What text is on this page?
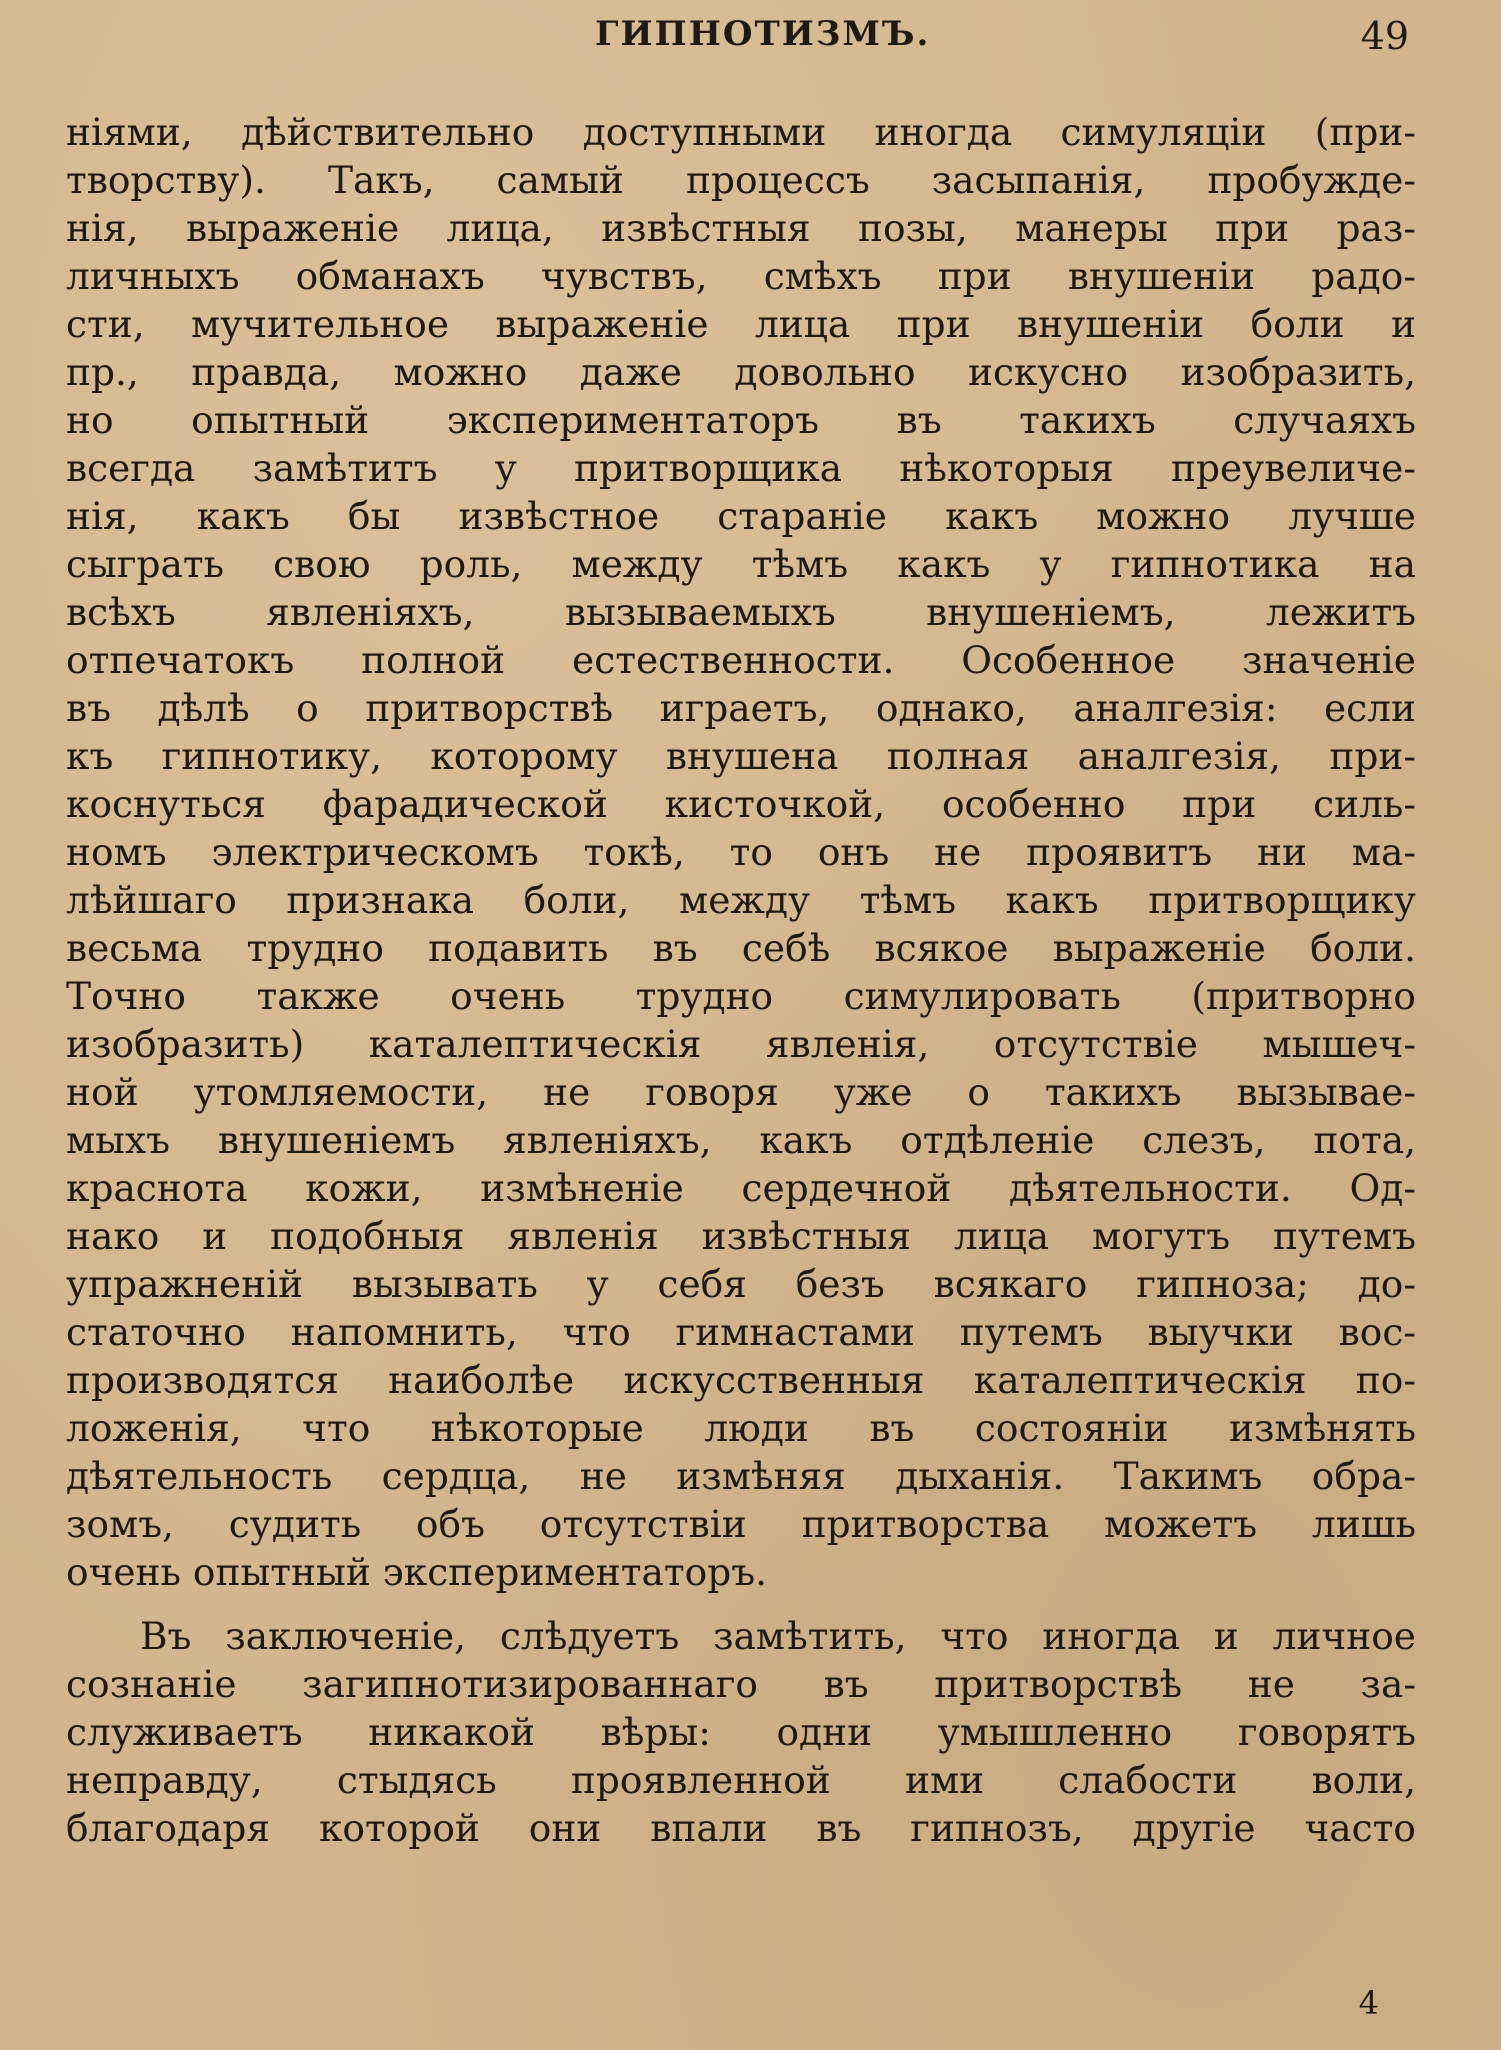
ГИПНОТИЗМЪ.	49
ніями, дѣйствительно доступными иногда симуляціи (при-
творству). Такъ, самый процессъ засыпанія, пробужде-
нія, выраженіе лица, извѣстныя позы, манеры при раз-
личныхъ обманахъ чувствъ, смѣхъ при внушеніи радо-
сти, мучительное выраженіе лица при внушеніи боли и
пр., правда, можно даже довольно искусно изобразить,
но опытный экспериментаторъ въ такихъ случаяхъ
всегда замѣтитъ у притворщика нѣкоторыя преувеличе-
нія, какъ бы извѣстное стараніе какъ можно лучше
сыграть свою роль, между тѣмъ какъ у гипнотика на
всѣхъ явленіяхъ, вызываемыхъ внушеніемъ, лежитъ
отпечатокъ полной естественности. Особенное значеніе
въ дѣлѣ о притворствѣ играетъ, однако, аналгезія: если
къ гипнотику, которому внушена полная аналгезія, при-
коснуться фарадической кисточкой, особенно при силь-
номъ электрическомъ токѣ, то онъ не проявитъ ни ма-
лѣйшаго признака боли, между тѣмъ какъ притворщику
весьма трудно подавить въ себѣ всякое выраженіе боли.
Точно также очень трудно симулировать (притворно
изобразить) каталептическія явленія, отсутствіе мышеч-
ной утомляемости, не говоря уже о такихъ вызывае-
мыхъ внушеніемъ явленіяхъ, какъ отдѣленіе слезъ, пота,
краснота кожи, измѣненіе сердечной дѣятельности. Од-
нако и подобныя явленія извѣстныя лица могутъ путемъ
упражненій вызывать у себя безъ всякаго гипноза; до-
статочно напомнить, что гимнастами путемъ выучки вос-
производятся наиболѣе искусственныя каталептическія по-
ложенія, что нѣкоторые люди въ состояніи измѣнять
дѣятельность сердца, не измѣняя дыханія. Такимъ обра-
зомъ, судить объ отсутствіи притворства можетъ лишь
очень опытный экспериментаторъ.
Въ заключеніе, слѣдуетъ замѣтить, что иногда и личное
сознаніе загипнотизированнаго въ притворствѣ не за-
служиваетъ никакой вѣры: одни умышленно говорятъ
неправду, стыдясь проявленной ими слабости воли,
благодаря которой они впали въ гипнозъ, другіе часто
4
